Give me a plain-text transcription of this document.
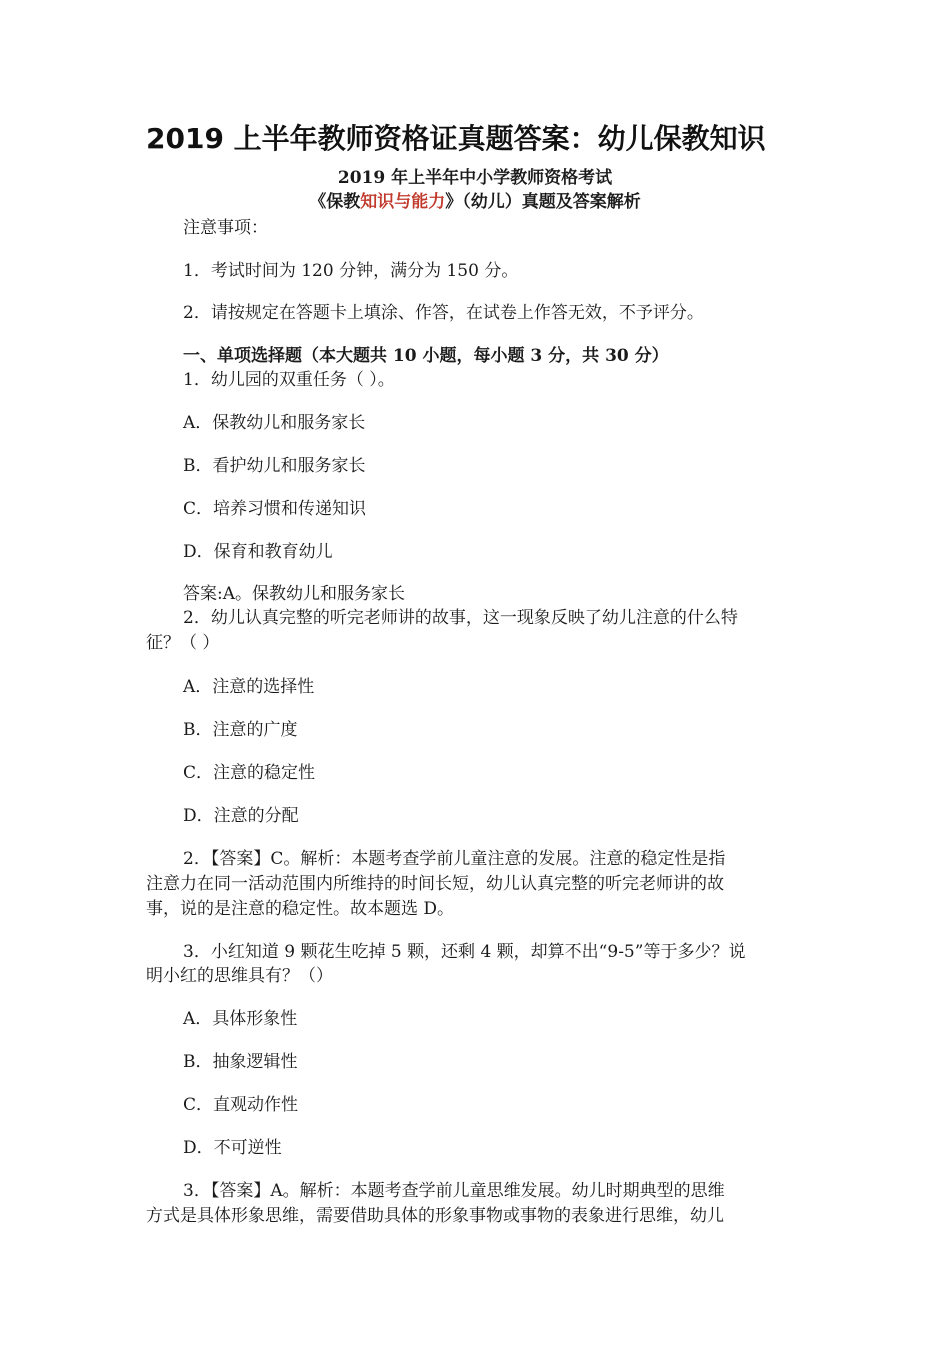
2019 上半年教师资格证真题答案：幼儿保教知识
2019 年上半年中小学教师资格考试
《保教知识与能力》（幼儿）真题及答案解析
注意事项：
1．考试时间为 120 分钟，满分为 150 分。
2．请按规定在答题卡上填涂、作答，在试卷上作答无效，不予评分。
一、单项选择题（本大题共 10 小题，每小题 3 分，共 30 分）
1．幼儿园的双重任务（ ）。
A．保教幼儿和服务家长
B．看护幼儿和服务家长
C．培养习惯和传递知识
D．保育和教育幼儿
答案:A。保教幼儿和服务家长
2．幼儿认真完整的听完老师讲的故事，这一现象反映了幼儿注意的什么特
征？（ ）
A．注意的选择性
B．注意的广度
C．注意的稳定性
D．注意的分配
2．【答案】C。解析：本题考查学前儿童注意的发展。注意的稳定性是指
注意力在同一活动范围内所维持的时间长短，幼儿认真完整的听完老师讲的故
事，说的是注意的稳定性。故本题选 D。
3．小红知道 9 颗花生吃掉 5 颗，还剩 4 颗，却算不出“9-5”等于多少？说
明小红的思维具有？（）
A．具体形象性
B．抽象逻辑性
C．直观动作性
D．不可逆性
3．【答案】A。解析：本题考查学前儿童思维发展。幼儿时期典型的思维
方式是具体形象思维，需要借助具体的形象事物或事物的表象进行思维，幼儿
